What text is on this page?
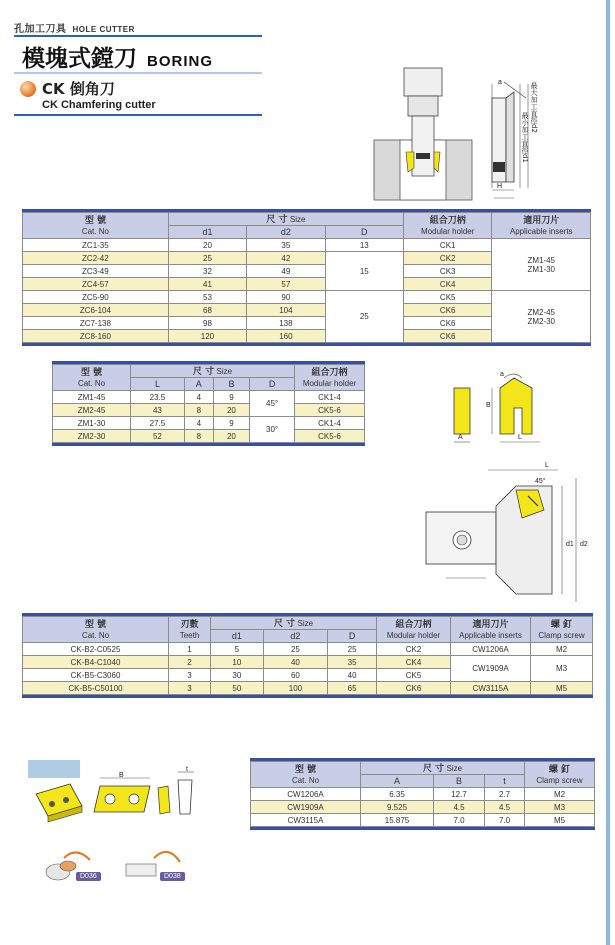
孔加工刀具 HOLE CUTTER
模塊式鏜刀 BORING
CK 倒角刀
CK Chamfering cutter
a	最大加工直徑d2
最小加工直徑d1
H
型 號
Cat. No	尺 寸 Size			組合刀柄
Modular holder	適用刀片
Applicable inserts
	d1	d2	D		
ZC1-35	20	35	13	CK1	ZM1-45
ZM1-30
ZC2-42	25	42	15	CK2	
ZC3-49	32	49		CK3	
ZC4-57	41	57		CK4	
ZC5-90	53	90	25	CK5	ZM2-45
ZM2-30
ZC6-104	68	104		CK6	
ZC7-138	98	138		CK6	
ZC8-160	120	160		CK6	
型 號
Cat. No	尺 寸 Size				組合刀柄
Modular holder
	L	A	B	D	
ZM1-45	23.5	4	9	45°	CK1-4
ZM2-45	43	8	20		CK5-6
ZM1-30	27.5	4	9	30°	CK1-4
ZM2-30	52	8	20		CK5-6
B
A	L
a
L
45°
d1 d2
型 號
Cat. No	刃數
Teeth	尺 寸 Size			組合刀柄
Modular holder	適用刀片
Applicable inserts	螺 釘
Clamp screw
		d1	d2	D			
CK-B2-C0525	1	5	25	25	CK2	CW1206A	M2
CK-B4-C1040	2	10	40	35	CK4	CW1909A	M3
CK-B5-C3060	3	30	60	40	CK5		
CK-B5-C50100	3	50	100	65	CK6	CW3115A	M5
B
t
D036	D038
型 號
Cat. No	尺 寸 Size			螺 釘
Clamp screw
	A	B	t	
CW1206A	6.35	12.7	2.7	M2
CW1909A	9.525	4.5	4.5	M3
CW3115A	15.875	7.0	7.0	M5
